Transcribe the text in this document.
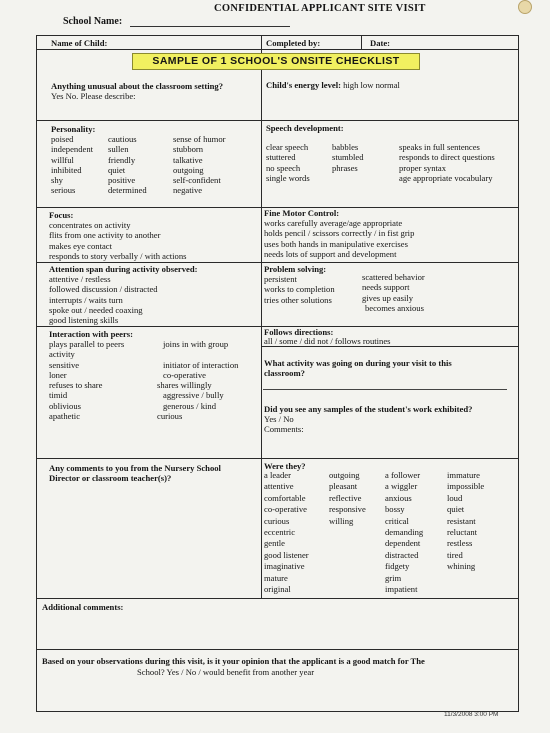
CONFIDENTIAL APPLICANT SITE VISIT
School Name:
Name of Child:	Completed by:	Date:
SAMPLE OF 1 SCHOOL'S ONSITE CHECKLIST
Anything unusual about the classroom setting?
Yes No. Please describe:
Child's energy level: high low normal
Personality:
poised
independent
willful
inhibited
shy
serious
cautious
sullen
friendly
quiet
positive
determined
sense of humor
stubborn
talkative
outgoing
self-confident
negative
Speech development:
clear speech
stuttered
no speech
single words
babbles
stumbled
phrases
speaks in full sentences
responds to direct questions
proper syntax
age appropriate vocabulary
Focus:
concentrates on activity
flits from one activity to another
makes eye contact
responds to story verbally / with actions
Fine Motor Control:
works carefully average/age appropriate
holds pencil / scissors correctly / in fist grip
uses both hands in manipulative exercises
needs lots of support and development
Attention span during activity observed:
attentive / restless
followed discussion / distracted
interrupts / waits turn
spoke out / needed coaxing
good listening skills
Problem solving:
persistent
works to completion
tries other solutions
scattered behavior
needs support
gives up easily
becomes anxious
Interaction with peers:
plays parallel to peers
activity
sensitive
loner
refuses to share
timid
oblivious
apathetic
joins in with group

initiator of interaction
co-operative
shares willingly
aggressive / bully
generous / kind
curious
Follows directions:
all / some / did not / follows routines
What activity was going on during your visit to this
classroom?
Did you see any samples of the student's work exhibited?
Yes / No
Comments:
Any comments to you from the Nursery School
Director or classroom teacher(s)?
Were they?
a leader
attentive
comfortable
co-operative
curious
eccentric
gentle
good listener
imaginative
mature
original
outgoing
pleasant
reflective
responsive
willing
a follower
a wiggler
anxious
bossy
critical
demanding
dependent
distracted
fidgety
grim
impatient
immature
impossible
loud
quiet
resistant
reluctant
restless
tired
whining
Additional comments:
Based on your observations during this visit, is it your opinion that the applicant is a good match for The
School? Yes / No / would benefit from another year
11/3/2008 3:00 PM
